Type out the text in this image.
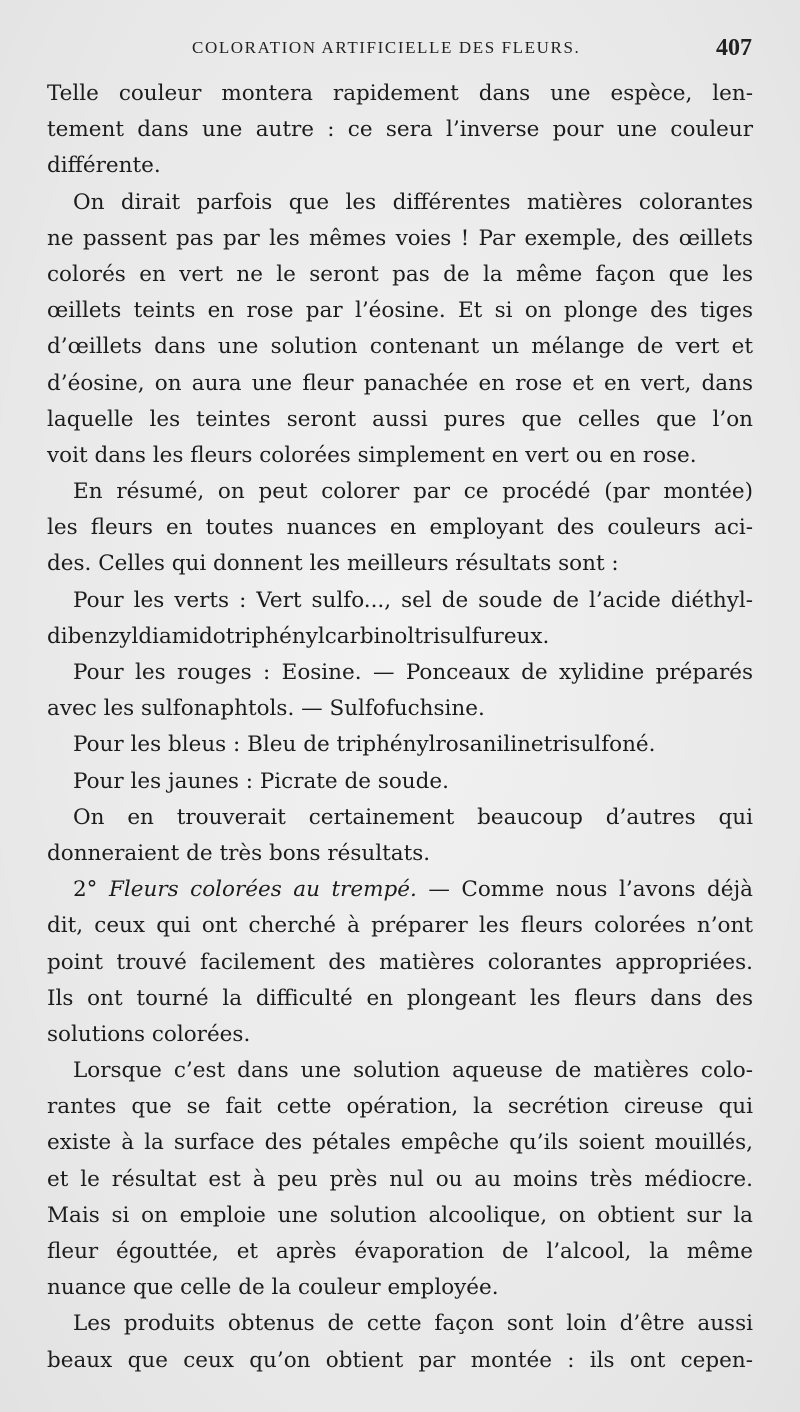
COLORATION ARTIFICIELLE DES FLEURS.	407
Telle couleur montera rapidement dans une espèce, len-
tement dans une autre : ce sera l’inverse pour une couleur
différente.
On dirait parfois que les différentes matières colorantes
ne passent pas par les mêmes voies ! Par exemple, des œillets
colorés en vert ne le seront pas de la même façon que les
œillets teints en rose par l’éosine. Et si on plonge des tiges
d’œillets dans une solution contenant un mélange de vert et
d’éosine, on aura une fleur panachée en rose et en vert, dans
laquelle les teintes seront aussi pures que celles que l’on
voit dans les fleurs colorées simplement en vert ou en rose.
En résumé, on peut colorer par ce procédé (par montée)
les fleurs en toutes nuances en employant des couleurs aci-
des. Celles qui donnent les meilleurs résultats sont :
Pour les verts : Vert sulfo..., sel de soude de l’acide diéthyl-
dibenzyldiamidotriphénylcarbinoltrisulfureux.
Pour les rouges : Eosine. — Ponceaux de xylidine préparés
avec les sulfonaphtols. — Sulfofuchsine.
Pour les bleus : Bleu de triphénylrosanilinetrisulfoné.
Pour les jaunes : Picrate de soude.
On en trouverait certainement beaucoup d’autres qui
donneraient de très bons résultats.
2° Fleurs colorées au trempé. — Comme nous l’avons déjà
dit, ceux qui ont cherché à préparer les fleurs colorées n’ont
point trouvé facilement des matières colorantes appropriées.
Ils ont tourné la difficulté en plongeant les fleurs dans des
solutions colorées.
Lorsque c’est dans une solution aqueuse de matières colo-
rantes que se fait cette opération, la secrétion cireuse qui
existe à la surface des pétales empêche qu’ils soient mouillés,
et le résultat est à peu près nul ou au moins très médiocre.
Mais si on emploie une solution alcoolique, on obtient sur la
fleur égouttée, et après évaporation de l’alcool, la même
nuance que celle de la couleur employée.
Les produits obtenus de cette façon sont loin d’être aussi
beaux que ceux qu’on obtient par montée : ils ont cepen-
